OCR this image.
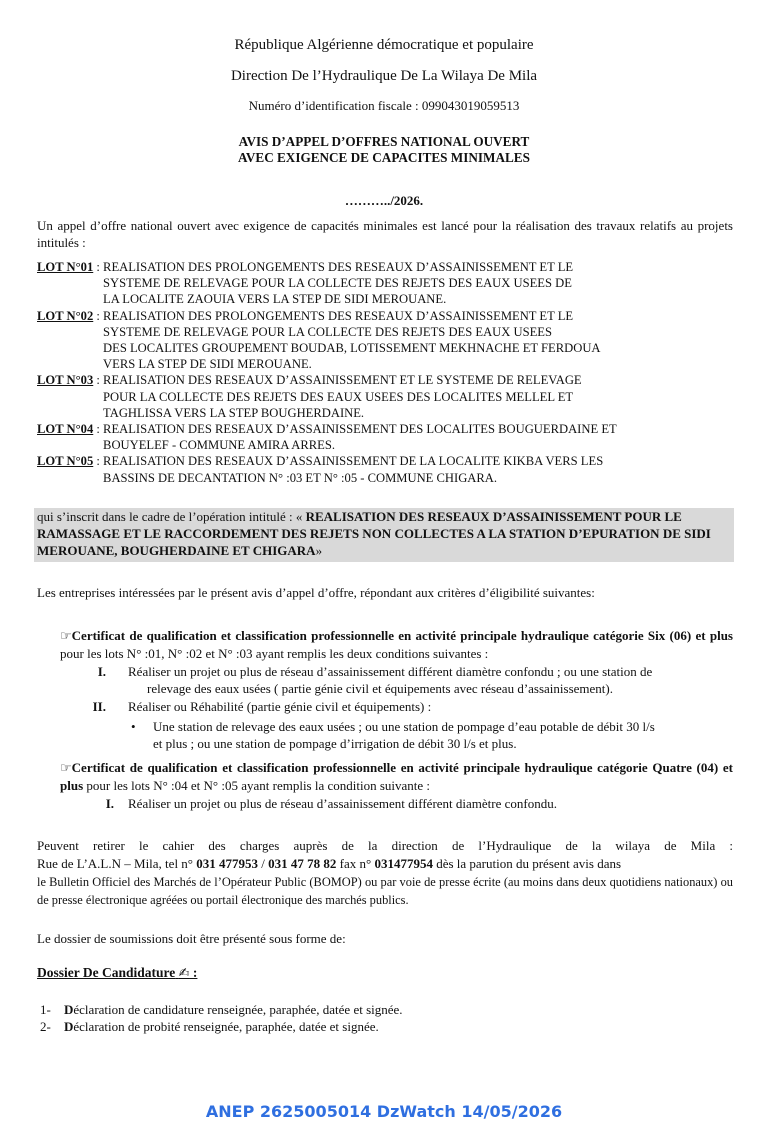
République Algérienne démocratique et populaire
Direction De l’Hydraulique De La Wilaya De Mila
Numéro d’identification fiscale : 099043019059513
AVIS D’APPEL D’OFFRES NATIONAL OUVERT
AVEC EXIGENCE DE CAPACITES MINIMALES
………../2026.
Un appel d’offre national ouvert avec exigence de capacités minimales est lancé pour la réalisation des travaux relatifs au projets intitulés :
LOT N°01 : REALISATION DES PROLONGEMENTS DES RESEAUX D’ASSAINISSEMENT ET LE
SYSTEME DE RELEVAGE POUR LA COLLECTE DES REJETS DES EAUX USEES DE
LA LOCALITE ZAOUIA VERS LA STEP DE SIDI MEROUANE.
LOT N°02 : REALISATION DES PROLONGEMENTS DES RESEAUX D’ASSAINISSEMENT ET LE
SYSTEME DE RELEVAGE POUR LA COLLECTE DES REJETS DES EAUX USEES
DES LOCALITES GROUPEMENT BOUDAB, LOTISSEMENT MEKHNACHE ET FERDOUA
VERS LA STEP DE SIDI MEROUANE.
LOT N°03 : REALISATION DES RESEAUX D’ASSAINISSEMENT ET LE SYSTEME DE RELEVAGE
POUR LA COLLECTE DES REJETS DES EAUX USEES DES LOCALITES MELLEL ET
TAGHLISSA VERS LA STEP BOUGHERDAINE.
LOT N°04 : REALISATION DES RESEAUX D’ASSAINISSEMENT DES LOCALITES BOUGUERDAINE ET
BOUYELEF - COMMUNE AMIRA ARRES.
LOT N°05 : REALISATION DES RESEAUX D’ASSAINISSEMENT DE LA LOCALITE KIKBA VERS LES
BASSINS DE DECANTATION N° :03 ET N° :05 - COMMUNE CHIGARA.
qui s’inscrit dans le cadre de l’opération intitulé : « REALISATION DES RESEAUX D’ASSAINISSEMENT POUR LE RAMASSAGE ET LE RACCORDEMENT DES REJETS NON COLLECTES A LA STATION D’EPURATION DE SIDI MEROUANE, BOUGHERDAINE ET CHIGARA»
Les entreprises intéressées par le présent avis d’appel d’offre, répondant aux critères d’éligibilité suivantes:
☞Certificat de qualification et classification professionnelle en activité principale hydraulique catégorie Six (06) et plus pour les lots N° :01, N° :02 et N° :03 ayant remplis les deux conditions suivantes :
I. Réaliser un projet ou plus de réseau d’assainissement différent diamètre confondu ; ou une station de
relevage des eaux usées ( partie génie civil et équipements avec réseau d’assainissement).
II. Réaliser ou Réhabilité (partie génie civil et équipements) :
• Une station de relevage des eaux usées ; ou une station de pompage d’eau potable de débit 30 l/s
et plus ; ou une station de pompage d’irrigation de débit 30 l/s et plus.
☞Certificat de qualification et classification professionnelle en activité principale hydraulique catégorie Quatre (04) et plus pour les lots N° :04 et N° :05 ayant remplis la condition suivante :
I. Réaliser un projet ou plus de réseau d’assainissement différent diamètre confondu.
Peuvent retirer le cahier des charges auprès de la direction de l’Hydraulique de la wilaya de Mila :
Rue de L’A.L.N – Mila, tel n° 031 477953 / 031 47 78 82 fax n° 031477954 dès la parution du présent avis dans
le Bulletin Officiel des Marchés de l’Opérateur Public (BOMOP) ou par voie de presse écrite (au moins dans deux quotidiens nationaux) ou de presse électronique agréées ou portail électronique des marchés publics.
Le dossier de soumissions doit être présenté sous forme de:
Dossier De Candidature ✍ :
1- Déclaration de candidature renseignée, paraphée, datée et signée.
2- Déclaration de probité renseignée, paraphée, datée et signée.
ANEP 2625005014 DzWatch 14/05/2026
